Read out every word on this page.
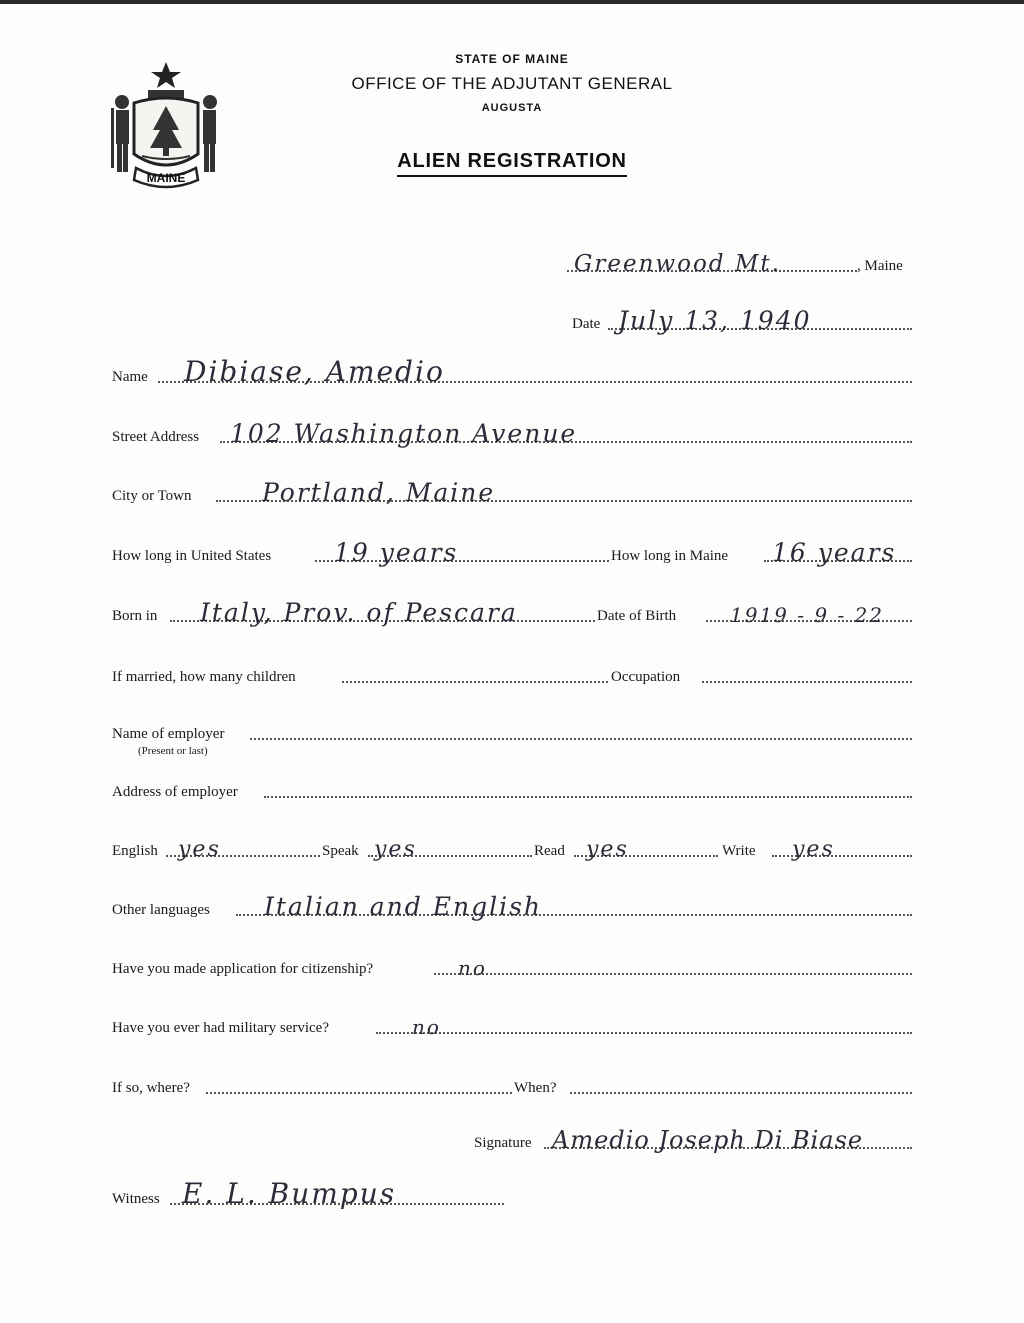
MAINE
STATE OF MAINE
OFFICE OF THE ADJUTANT GENERAL
AUGUSTA
ALIEN REGISTRATION
Greenwood Mt.	, Maine
Date July 13, 1940
Name Dibiase, Amedio
Street Address 102 Washington Avenue
City or Town	Portland, Maine
How long in United States	19 years	How long in Maine 16 years
Born in Italy, Prov. of Pescara	Date of Birth	1919 - 9 - 22
If married, how many children	Occupation
Name of employer
(Present or last)
Address of employer
English yes	Speak yes	Read yes	Write yes
Other languages Italian and English
Have you made application for citizenship?	no
Have you ever had military service?	no
If so, where?	When?
Signature Amedio Joseph Di Biase
Witness E. L. Bumpus
